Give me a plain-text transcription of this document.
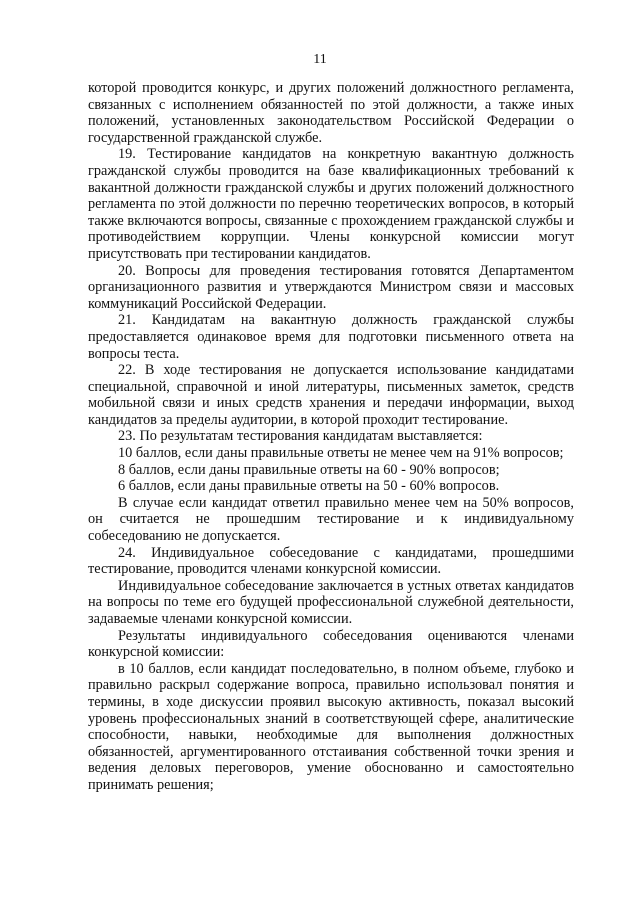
11

которой проводится конкурс, и других положений должностного регламента, связанных с исполнением обязанностей по этой должности, а также иных положений, установленных законодательством Российской Федерации о государственной гражданской службе.

19. Тестирование кандидатов на конкретную вакантную должность гражданской службы проводится на базе квалификационных требований к вакантной должности гражданской службы и других положений должностного регламента по этой должности по перечню теоретических вопросов, в который также включаются вопросы, связанные с прохождением гражданской службы и противодействием коррупции. Члены конкурсной комиссии могут присутствовать при тестировании кандидатов.

20. Вопросы для проведения тестирования готовятся Департаментом организационного развития и утверждаются Министром связи и массовых коммуникаций Российской Федерации.

21. Кандидатам на вакантную должность гражданской службы предоставляется одинаковое время для подготовки письменного ответа на вопросы теста.

22. В ходе тестирования не допускается использование кандидатами специальной, справочной и иной литературы, письменных заметок, средств мобильной связи и иных средств хранения и передачи информации, выход кандидатов за пределы аудитории, в которой проходит тестирование.

23. По результатам тестирования кандидатам выставляется:

10 баллов, если даны правильные ответы не менее чем на 91% вопросов;

8 баллов, если даны правильные ответы на 60 - 90% вопросов;

6 баллов, если даны правильные ответы на 50 - 60% вопросов.

В случае если кандидат ответил правильно менее чем на 50% вопросов, он считается не прошедшим тестирование и к индивидуальному собеседованию не допускается.

24. Индивидуальное собеседование с кандидатами, прошедшими тестирование, проводится членами конкурсной комиссии.

Индивидуальное собеседование заключается в устных ответах кандидатов на вопросы по теме его будущей профессиональной служебной деятельности, задаваемые членами конкурсной комиссии.

Результаты индивидуального собеседования оцениваются членами конкурсной комиссии:

в 10 баллов, если кандидат последовательно, в полном объеме, глубоко и правильно раскрыл содержание вопроса, правильно использовал понятия и термины, в ходе дискуссии проявил высокую активность, показал высокий уровень профессиональных знаний в соответствующей сфере, аналитические способности, навыки, необходимые для выполнения должностных обязанностей, аргументированного отстаивания собственной точки зрения и ведения деловых переговоров, умение обоснованно и самостоятельно принимать решения;
